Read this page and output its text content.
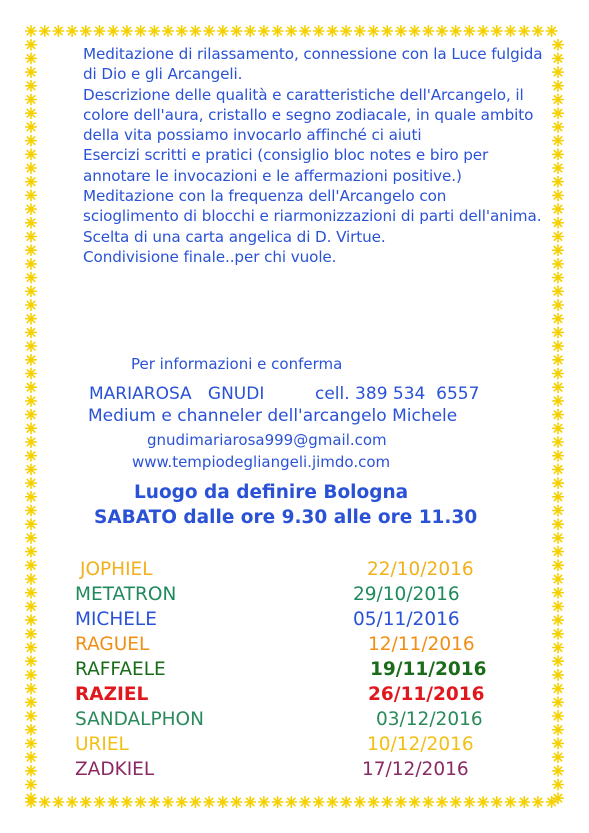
Meditazione di rilassamento, connessione con la Luce fulgida di Dio e gli Arcangeli.

Descrizione delle qualità e caratteristiche dell'Arcangelo, il colore dell'aura, cristallo e segno zodiacale, in quale ambito della vita possiamo invocarlo affinché ci aiuti

Esercizi scritti e pratici (consiglio bloc notes e biro per annotare le invocazioni e le affermazioni positive.)

Meditazione con la frequenza dell'Arcangelo con scioglimento di blocchi e riarmonizzazioni di parti dell'anima.

Scelta di una carta angelica di D. Virtue.

Condivisione finale..per chi vuole.

Per informazioni e conferma
MARIAROSA   GNUDI	cell. 389 534  6557
Medium e channeler dell'arcangelo Michele
gnudimariarosa999@gmail.com
www.tempiodegliangeli.jimdo.com
Luogo da definire Bologna
SABATO dalle ore 9.30 alle ore 11.30
JOPHIEL	22/10/2016
METATRON	29/10/2016
MICHELE	05/11/2016
RAGUEL	12/11/2016
RAFFAELE	19/11/2016
RAZIEL	26/11/2016
SANDALPHON	03/12/2016
URIEL	10/12/2016
ZADKIEL	17/12/2016
